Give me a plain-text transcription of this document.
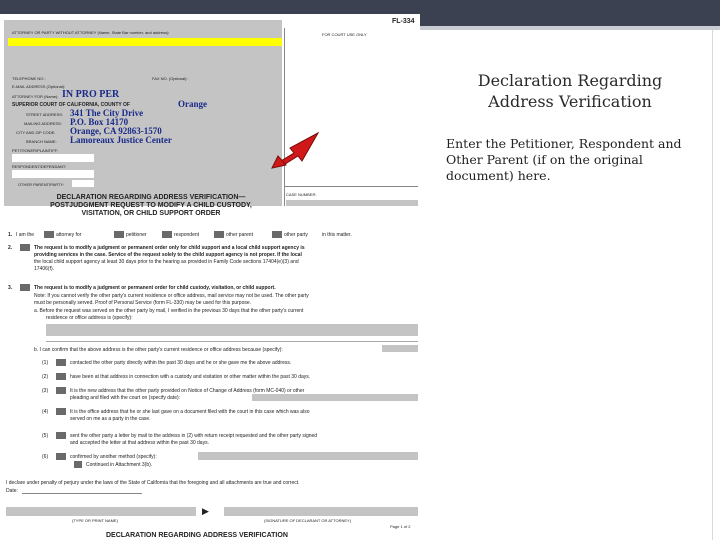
FL-334
ATTORNEY OR PARTY WITHOUT ATTORNEY (Name, State Bar number, and address):	FOR COURT USE ONLY
TELEPHONE NO.:	FAX NO. (Optional):
E-MAIL ADDRESS (Optional):
ATTORNEY FOR (Name): IN PRO PER
SUPERIOR COURT OF CALIFORNIA, COUNTY OF	Orange
STREET ADDRESS: 341 The City Drive
MAILING ADDRESS: P.O. Box 14170
CITY AND ZIP CODE: Orange, CA 92863-1570
BRANCH NAME: Lamoreaux Justice Center
PETITIONER/PLAINTIFF:
RESPONDENT/DEFENDANT:
OTHER PARENT/PARTY:
CASE NUMBER:
DECLARATION REGARDING ADDRESS VERIFICATION— POSTJUDGMENT REQUEST TO MODIFY A CHILD CUSTODY, VISITATION, OR CHILD SUPPORT ORDER
1. I am the	attorney for	petitioner	respondent	other parent	other party	in this matter.
2.	The request is to modify a judgment or permanent order only for child support and a local child support agency is
providing services in the case. Service of the request solely to the child support agency is not proper. If the local
the local child support agency at least 30 days prior to the hearing as provided in Family Code sections 17404(e)(3) and
17406(f).
3.	The request is to modify a judgment or permanent order for child custody, visitation, or child support.
Note: If you cannot verify the other party's current residence or office address, mail service may not be used. The other party
must be personally served. Proof of Personal Service (form FL-330) may be used for this purpose.
a. Before the request was served on the other party by mail, I verified in the previous 30 days that the other party's current
residence or office address is (specify):
b. I can confirm that the above address is the other party's current residence or office address because (specify):
(1)	contacted the other party directly within the past 30 days and he or she gave me the above address.
(2)	have been at that address in connection with a custody and visitation or other matter within the past 30 days.
(3)	It is the new address that the other party provided on Notice of Change of Address (form MC-040) or other
pleading and filed with the court on (specify date):
(4)	It is the office address that he or she last gave on a document filed with the court in this case which was also
served on me as a party in the case.
(5)	sent the other party a letter by mail to the address in (2) with return receipt requested and the other party signed
and accepted the letter at that address within the past 30 days.
(6)	confirmed by another method (specify):
Continued in Attachment 3(b).
I declare under penalty of perjury under the laws of the State of California that the foregoing and all attachments are true and correct.
Date:
▶
(TYPE OR PRINT NAME)	(SIGNATURE OF DECLARANT OR ATTORNEY)
Page 1 of 2
DECLARATION REGARDING ADDRESS VERIFICATION
Declaration Regarding
Address Verification
Enter the Petitioner, Respondent and Other Parent (if on the original document) here.
